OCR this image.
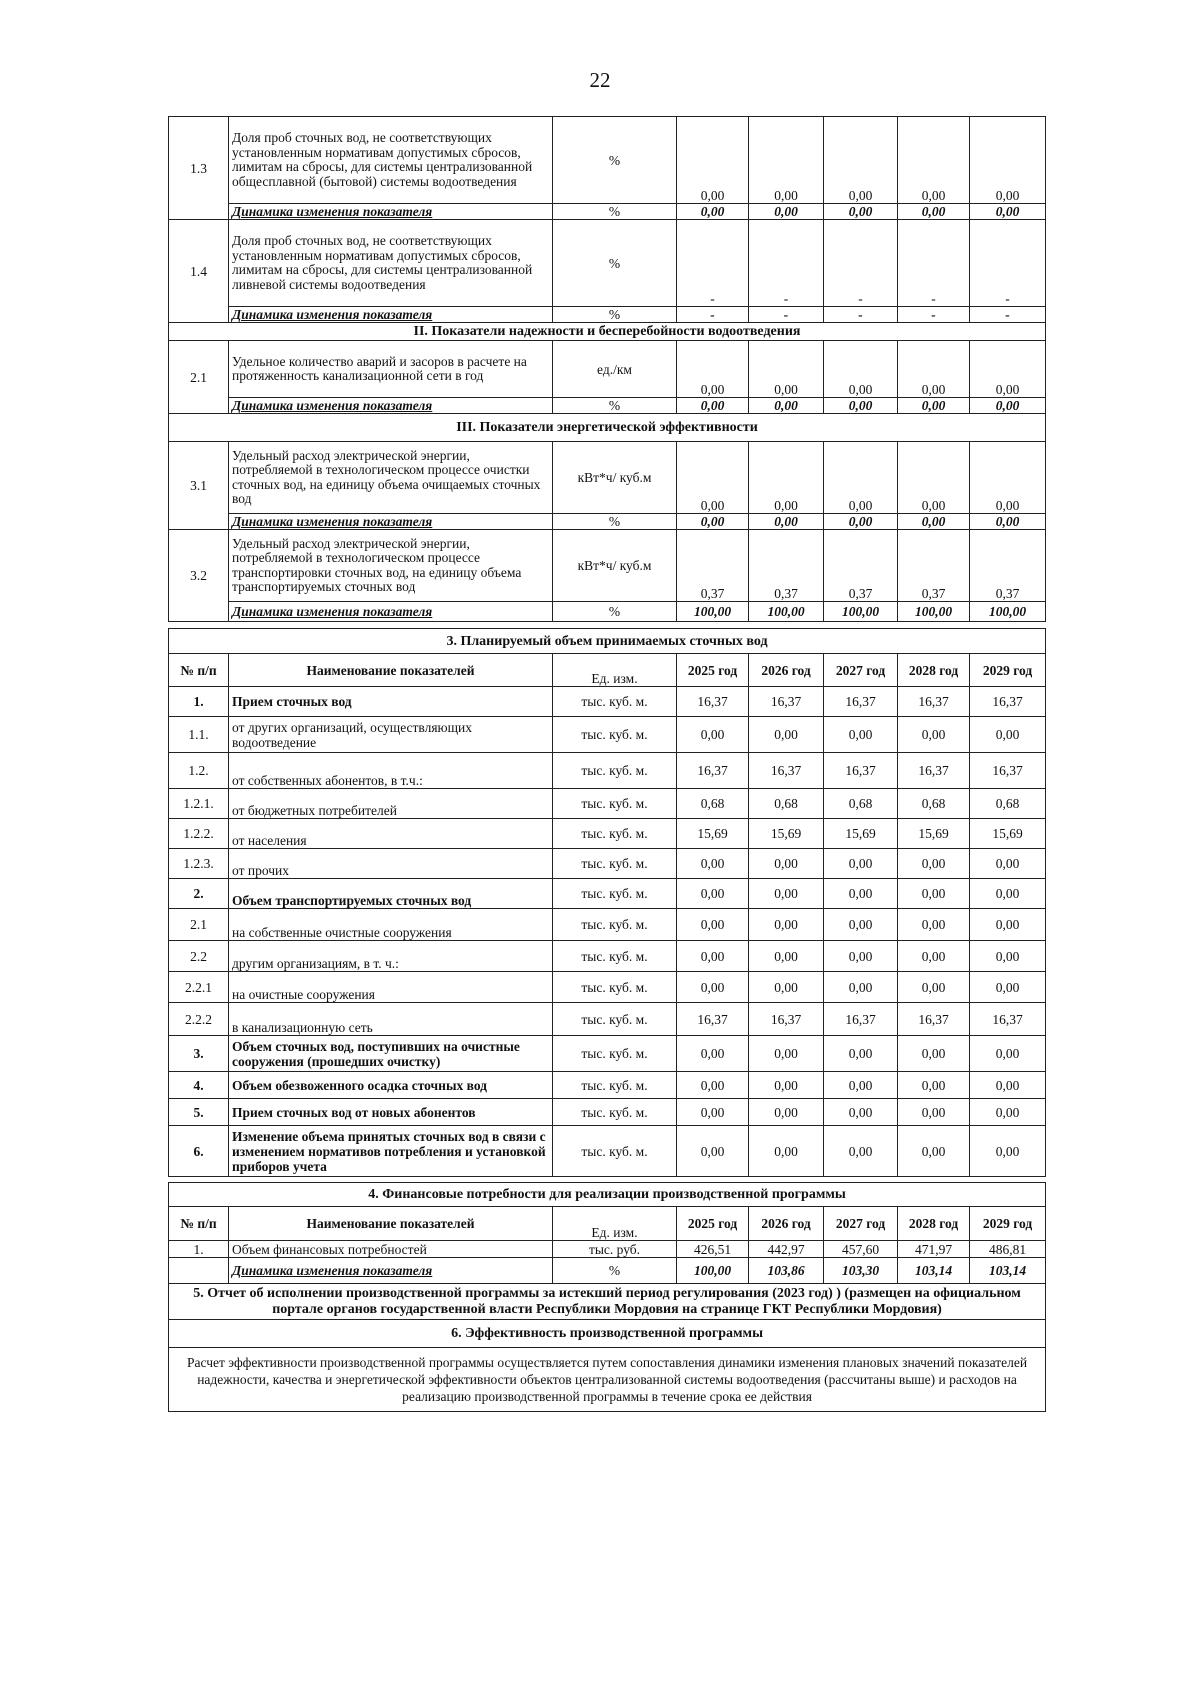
22
1.3	Доля проб сточных вод, не соответствующих установленным нормативам допустимых сбросов, лимитам на сбросы, для системы централизованной общесплавной (бытовой) системы водоотведения	%	0,00	0,00	0,00	0,00	0,00
	Динамика изменения показателя	%	0,00	0,00	0,00	0,00	0,00
1.4	Доля проб сточных вод, не соответствующих установленным нормативам допустимых сбросов, лимитам на сбросы, для системы централизованной ливневой системы водоотведения	%	-	-	-	-	-
	Динамика изменения показателя	%	-	-	-	-	-
II. Показатели надежности и бесперебойности водоотведения							
2.1	Удельное количество аварий и засоров в расчете на протяженность канализационной сети в год	ед./км	0,00	0,00	0,00	0,00	0,00
	Динамика изменения показателя	%	0,00	0,00	0,00	0,00	0,00
III. Показатели энергетической эффективности							
3.1	Удельный расход электрической энергии, потребляемой в технологическом процессе очистки сточных вод, на единицу объема очищаемых сточных вод	кВт*ч/ куб.м	0,00	0,00	0,00	0,00	0,00
	Динамика изменения показателя	%	0,00	0,00	0,00	0,00	0,00
3.2	Удельный расход электрической энергии, потребляемой в технологическом процессе транспортировки сточных вод, на единицу объема транспортируемых сточных вод	кВт*ч/ куб.м	0,37	0,37	0,37	0,37	0,37
	Динамика изменения показателя	%	100,00	100,00	100,00	100,00	100,00
3. Планируемый объем принимаемых сточных вод							
№ п/п	Наименование показателей	Ед. изм.	2025 год	2026 год	2027 год	2028 год	2029 год
1.	Прием сточных вод	тыс. куб. м.	16,37	16,37	16,37	16,37	16,37
1.1.	от других организаций, осуществляющих водоотведение	тыс. куб. м.	0,00	0,00	0,00	0,00	0,00
1.2.	от собственных абонентов, в т.ч.:	тыс. куб. м.	16,37	16,37	16,37	16,37	16,37
1.2.1.	от бюджетных потребителей	тыс. куб. м.	0,68	0,68	0,68	0,68	0,68
1.2.2.	от населения	тыс. куб. м.	15,69	15,69	15,69	15,69	15,69
1.2.3.	от прочих	тыс. куб. м.	0,00	0,00	0,00	0,00	0,00
2.	Объем транспортируемых сточных вод	тыс. куб. м.	0,00	0,00	0,00	0,00	0,00
2.1	на собственные очистные сооружения	тыс. куб. м.	0,00	0,00	0,00	0,00	0,00
2.2	другим организациям, в т. ч.:	тыс. куб. м.	0,00	0,00	0,00	0,00	0,00
2.2.1	на очистные сооружения	тыс. куб. м.	0,00	0,00	0,00	0,00	0,00
2.2.2	в канализационную сеть	тыс. куб. м.	16,37	16,37	16,37	16,37	16,37
3.	Объем сточных вод, поступивших на очистные сооружения (прошедших очистку)	тыс. куб. м.	0,00	0,00	0,00	0,00	0,00
4.	Объем обезвоженного осадка сточных вод	тыс. куб. м.	0,00	0,00	0,00	0,00	0,00
5.	Прием сточных вод от новых абонентов	тыс. куб. м.	0,00	0,00	0,00	0,00	0,00
6.	Изменение объема принятых сточных вод в связи с изменением нормативов потребления и установкой приборов учета	тыс. куб. м.	0,00	0,00	0,00	0,00	0,00
4. Финансовые потребности для реализации производственной программы							
№ п/п	Наименование показателей	Ед. изм.	2025 год	2026 год	2027 год	2028 год	2029 год
1.	Объем финансовых потребностей	тыс. руб.	426,51	442,97	457,60	471,97	486,81
	Динамика изменения показателя	%	100,00	103,86	103,30	103,14	103,14
5. Отчет об исполнении производственной программы за истекший период регулирования (2023 год) ) (размещен на официальном портале органов государственной власти Республики Мордовия на странице ГКТ Республики Мордовия)							
6. Эффективность производственной программы							
Расчет эффективности производственной программы осуществляется путем сопоставления динамики изменения плановых значений показателей надежности, качества и энергетической эффективности объектов централизованной системы водоотведения (рассчитаны выше) и расходов на реализацию производственной программы в течение срока ее действия							
